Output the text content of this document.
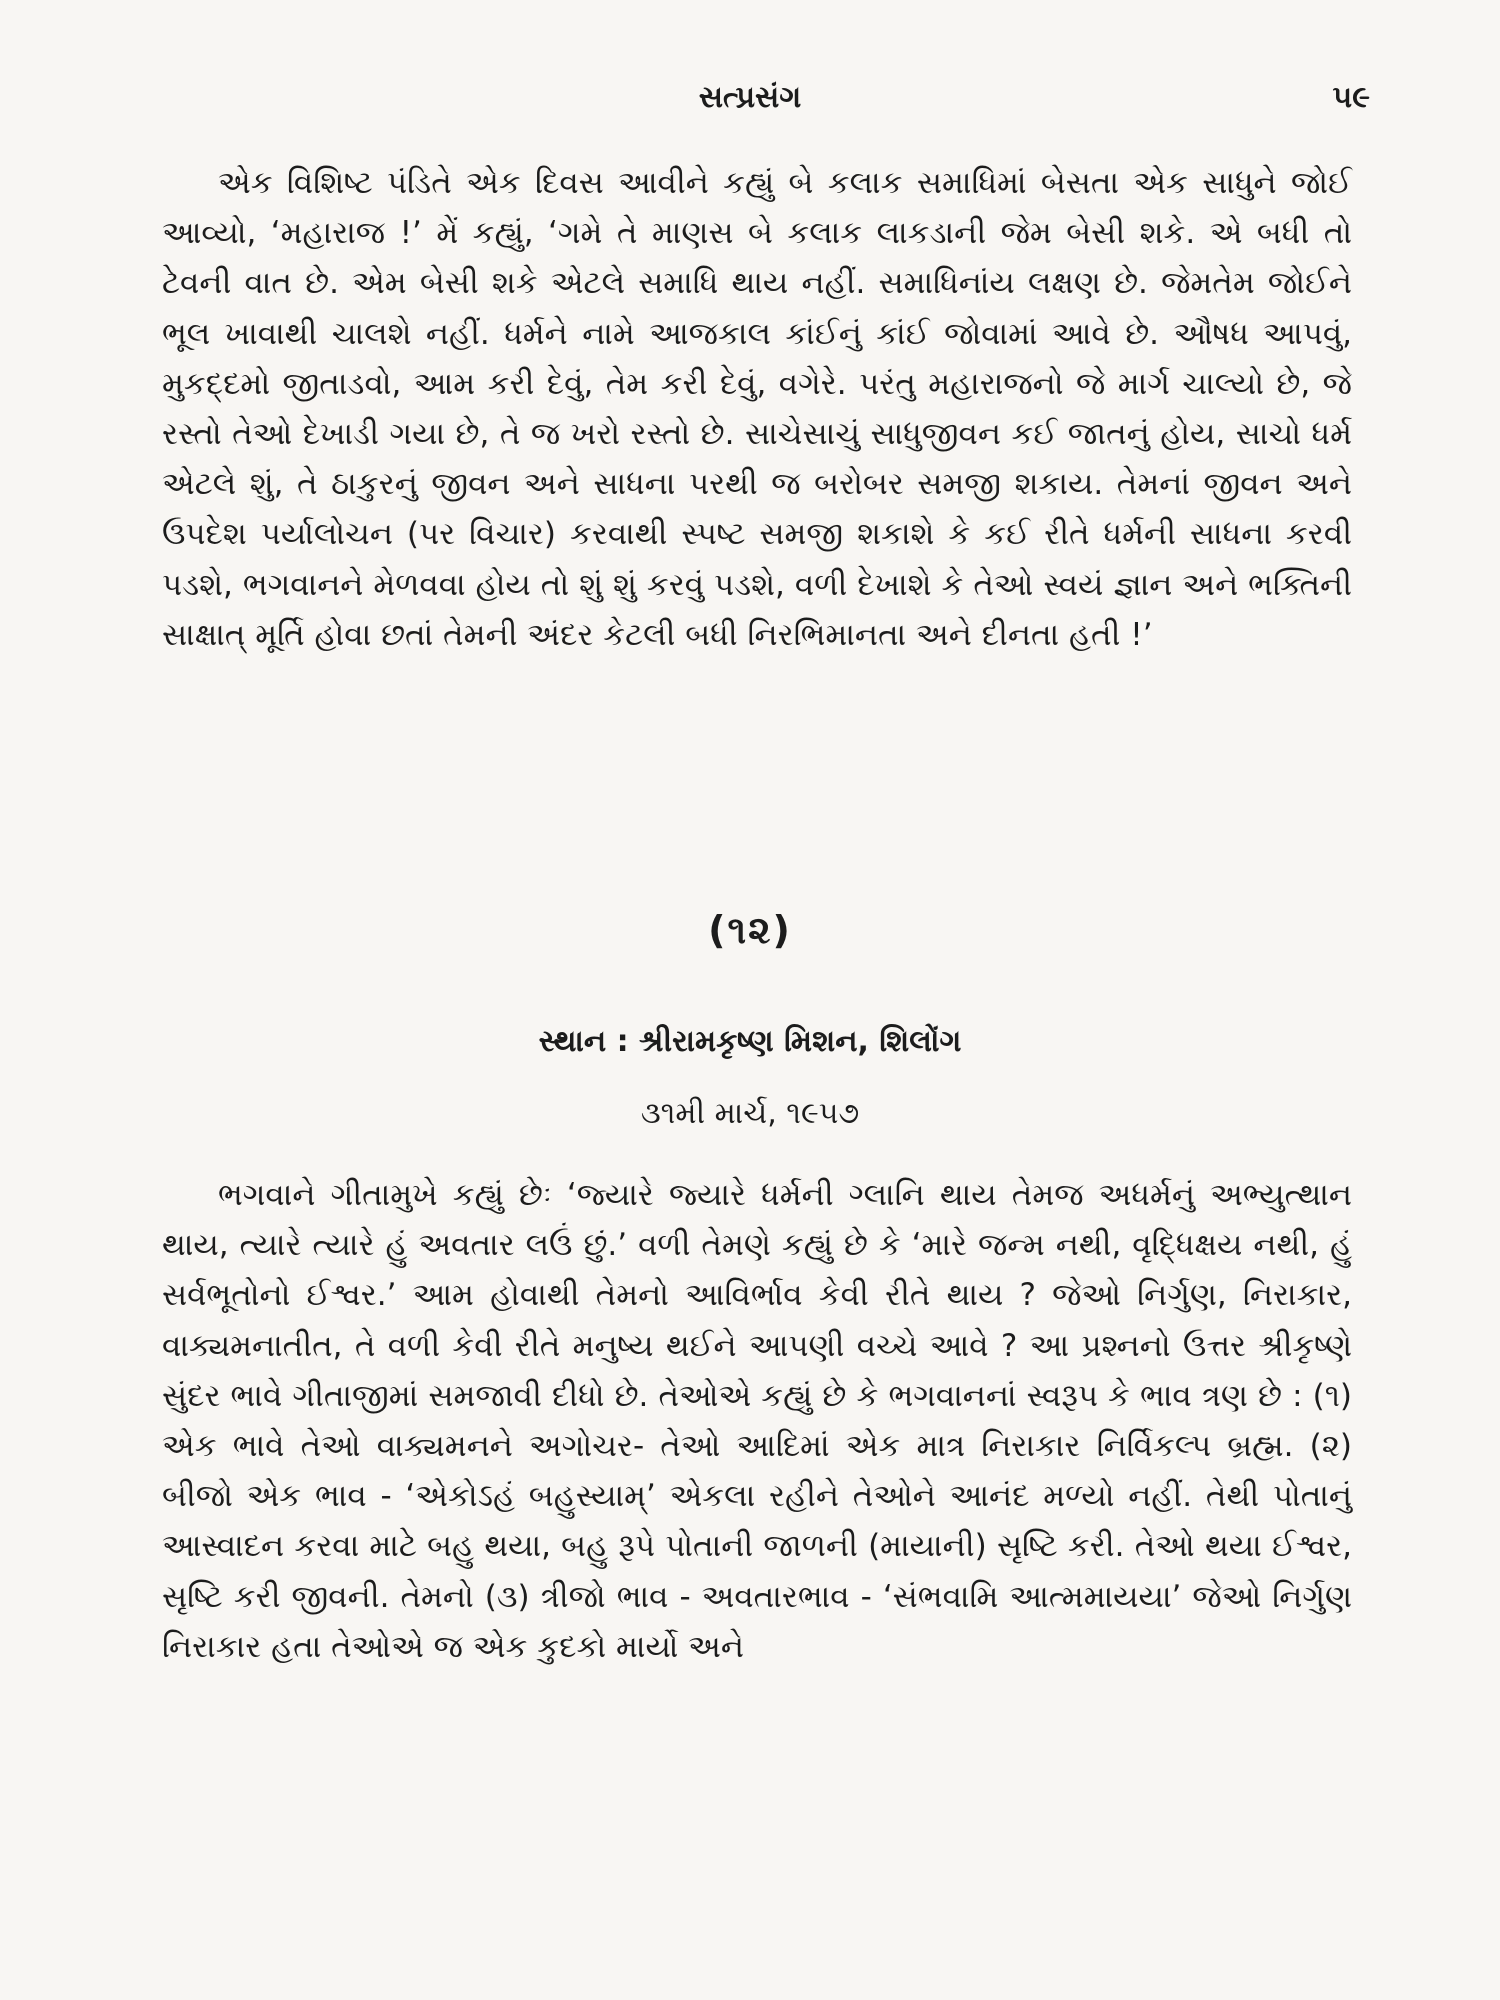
સત્પ્રસંગ	૫૯

એક વિશિષ્ટ પંડિતે એક દિવસ આવીને કહ્યું બે કલાક સમાધિમાં બેસતા એક સાધુને જોઈ આવ્યો, ‘મહારાજ !’ મેં કહ્યું, ‘ગમે તે માણસ બે કલાક લાકડાની જેમ બેસી શકે. એ બધી તો ટેવની વાત છે. એમ બેસી શકે એટલે સમાધિ થાય નહીં. સમાધિનાંય લક્ષણ છે. જેમતેમ જોઈને ભૂલ ખાવાથી ચાલશે નહીં. ધર્મને નામે આજકાલ કાંઈનું કાંઈ જોવામાં આવે છે. ઔષધ આપવું, મુકદ્દમો જીતાડવો, આમ કરી દેવું, તેમ કરી દેવું, વગેરે. પરંતુ મહારાજનો જે માર્ગ ચાલ્યો છે, જે રસ્તો તેઓ દેખાડી ગયા છે, તે જ ખરો રસ્તો છે. સાચેસાચું સાધુજીવન કઈ જાતનું હોય, સાચો ધર્મ એટલે શું, તે ઠાકુરનું જીવન અને સાધના પરથી જ બરોબર સમજી શકાય. તેમનાં જીવન અને ઉપદેશ પર્યાલોચન (પર વિચાર) કરવાથી સ્પષ્ટ સમજી શકાશે કે કઈ રીતે ધર્મની સાધના કરવી પડશે, ભગવાનને મેળવવા હોય તો શું શું કરવું પડશે, વળી દેખાશે કે તેઓ સ્વયં જ્ઞાન અને ભક્તિની સાક્ષાત્ મૂર્તિ હોવા છતાં તેમની અંદર કેટલી બધી નિરભિમાનતા અને દીનતા હતી !’

(૧૨)
સ્થાન : શ્રીરામકૃષ્ણ મિશન, શિલોંગ
૩૧મી માર્ચ, ૧૯૫૭

ભગવાને ગીતામુખે કહ્યું છેઃ ‘જ્યારે જ્યારે ધર્મની ગ્લાનિ થાય તેમજ અધર્મનું અભ્યુત્થાન થાય, ત્યારે ત્યારે હું અવતાર લઉં છું.’ વળી તેમણે કહ્યું છે કે ‘મારે જન્મ નથી, વૃદ્ધિક્ષય નથી, હું સર્વભૂતોનો ઈશ્વર.’ આમ હોવાથી તેમનો આવિર્ભાવ કેવી રીતે થાય ? જેઓ નિર્ગુણ, નિરાકાર, વાક્યમનાતીત, તે વળી કેવી રીતે મનુષ્ય થઈને આપણી વચ્ચે આવે ? આ પ્રશ્નનો ઉત્તર શ્રીકૃષ્ણે સુંદર ભાવે ગીતાજીમાં સમજાવી દીધો છે. તેઓએ કહ્યું છે કે ભગવાનનાં સ્વરૂપ કે ભાવ ત્રણ છે : (૧) એક ભાવે તેઓ વાક્યમનને અગોચર- તેઓ આદિમાં એક માત્ર નિરાકાર નિર્વિકલ્પ બ્રહ્મ. (૨) બીજો એક ભાવ - ‘એકોઽહં બહુસ્યામ્’ એકલા રહીને તેઓને આનંદ મળ્યો નહીં. તેથી પોતાનું આસ્વાદન કરવા માટે બહુ થયા, બહુ રૂપે પોતાની જાળની (માયાની) સૃષ્ટિ કરી. તેઓ થયા ઈશ્વર, સૃષ્ટિ કરી જીવની. તેમનો (૩) ત્રીજો ભાવ - અવતારભાવ - ‘સંભવામિ આત્મમાયયા’ જેઓ નિર્ગુણ નિરાકાર હતા તેઓએ જ એક કુદકો માર્યો અને
